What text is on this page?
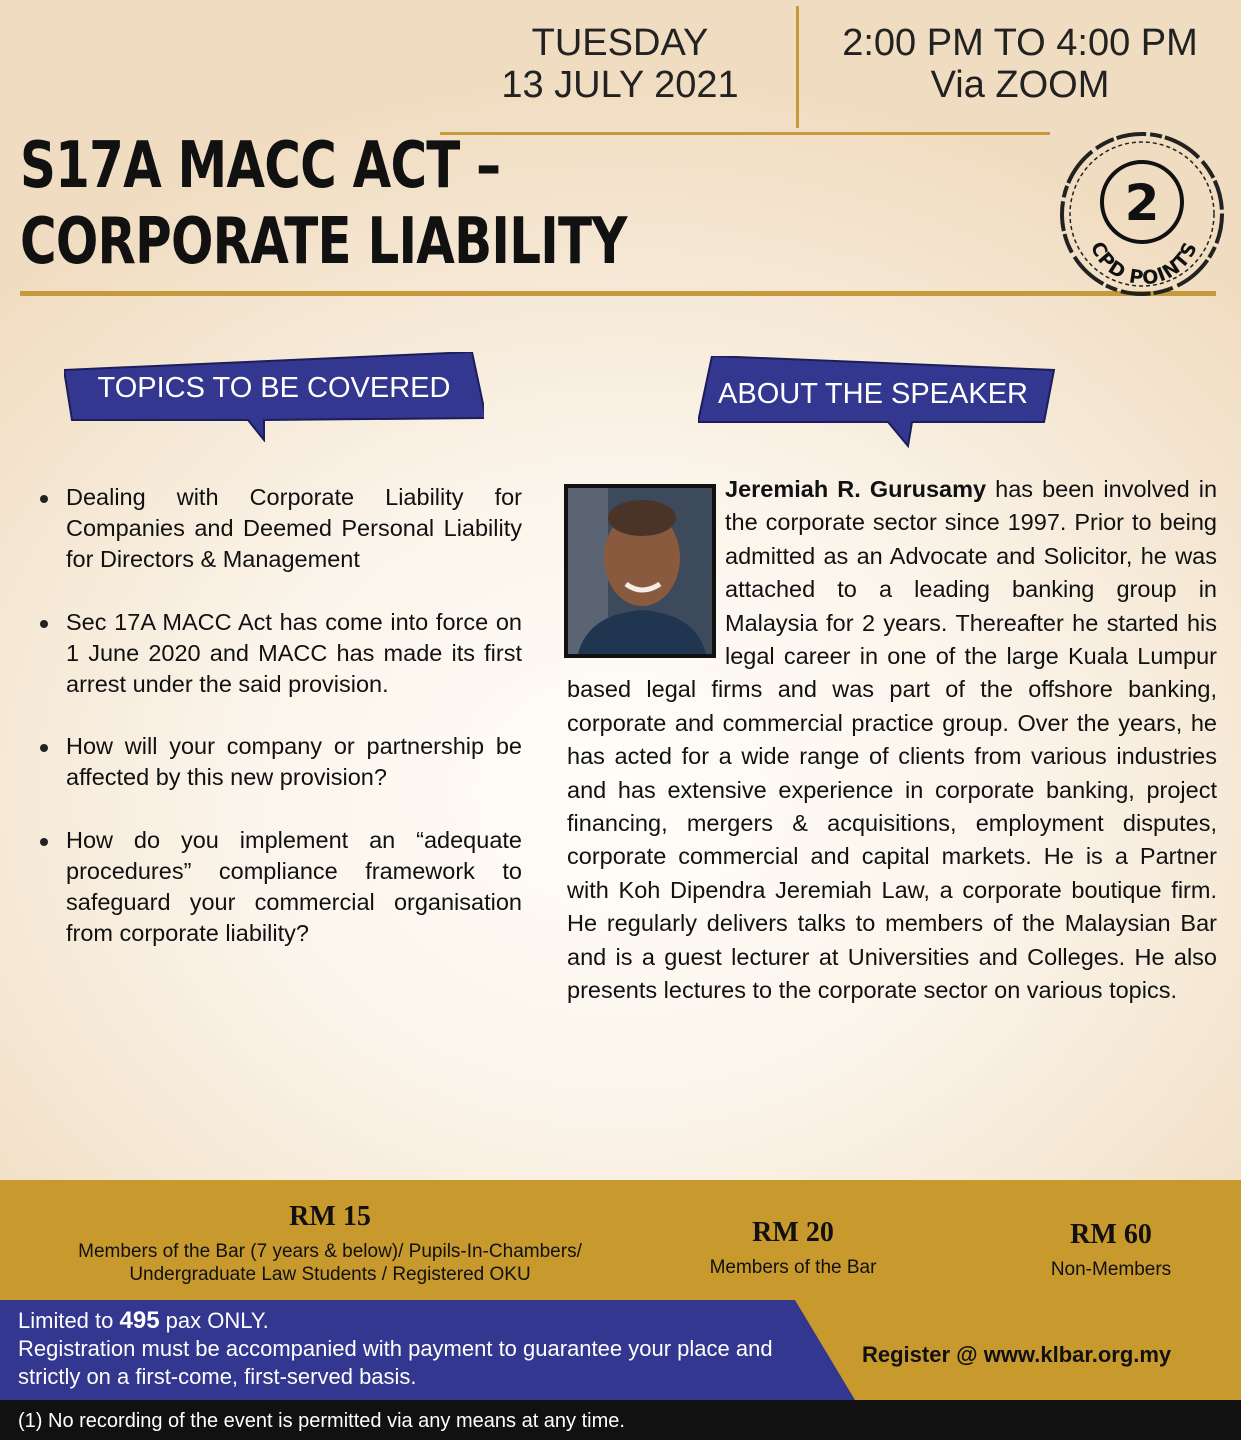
TUESDAY
13 JULY 2021
2:00 PM TO 4:00 PM
Via ZOOM
S17A MACC ACT –
CORPORATE LIABILITY
2
CPD POINTS
TOPICS TO BE COVERED	ABOUT THE SPEAKER
Dealing with Corporate Liability for Companies and Deemed Personal Liability for Directors & Management
Sec 17A MACC Act has come into force on 1 June 2020 and MACC has made its first arrest under the said provision.
How will your company or partnership be affected by this new provision?
How do you implement an “adequate procedures” compliance framework to safeguard your commercial organisation from corporate liability?
Jeremiah R. Gurusamy has been involved in the corporate sector since 1997. Prior to being admitted as an Advocate and Solicitor, he was attached to a leading banking group in Malaysia for 2 years. Thereafter he started his legal career in one of the large Kuala Lumpur based legal firms and was part of the offshore banking, corporate and commercial practice group. Over the years, he has acted for a wide range of clients from various industries and has extensive experience in corporate banking, project financing, mergers & acquisitions, employment disputes, corporate commercial and capital markets. He is a Partner with Koh Dipendra Jeremiah Law, a corporate boutique firm. He regularly delivers talks to members of the Malaysian Bar and is a guest lecturer at Universities and Colleges. He also presents lectures to the corporate sector on various topics.
RM 15
Members of the Bar (7 years & below)/ Pupils-In-Chambers/
Undergraduate Law Students / Registered OKU
RM 20
Members of the Bar
RM 60
Non-Members
Limited to 495 pax ONLY.
Registration must be accompanied with payment to guarantee your place and strictly on a first-come, first-served basis.
Register @ www.klbar.org.my
(1) No recording of the event is permitted via any means at any time.
